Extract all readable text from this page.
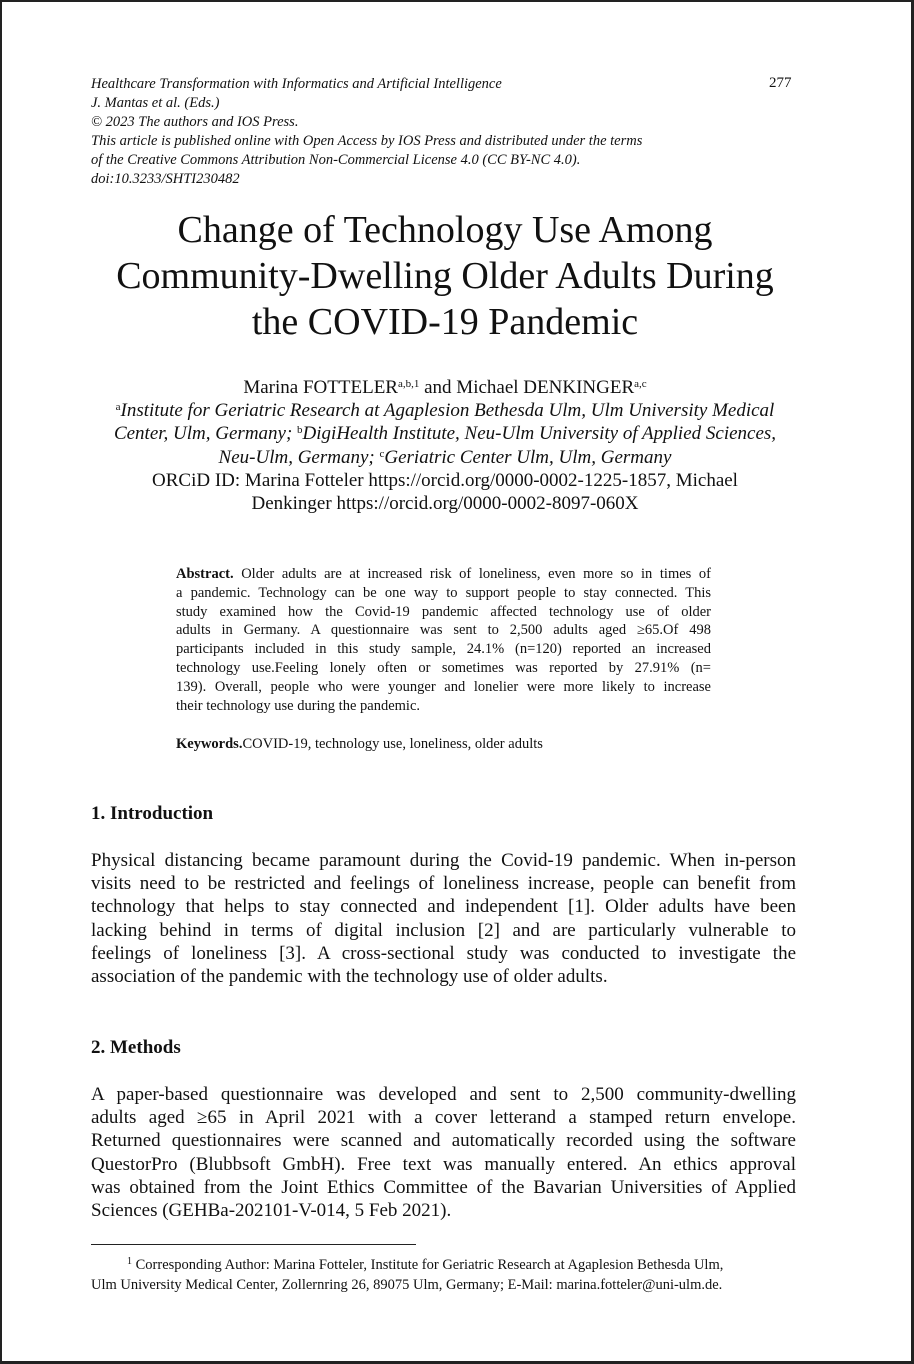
Healthcare Transformation with Informatics and Artificial Intelligence
J. Mantas et al. (Eds.)
© 2023 The authors and IOS Press.
This article is published online with Open Access by IOS Press and distributed under the terms
of the Creative Commons Attribution Non-Commercial License 4.0 (CC BY-NC 4.0).
doi:10.3233/SHTI230482
277
Change of Technology Use Among
Community-Dwelling Older Adults During
the COVID-19 Pandemic
Marina FOTTELER$^{a,b,1}$ and Michael DENKINGER$^{a,c}$
$^a$Institute for Geriatric Research at Agaplesion Bethesda Ulm, Ulm University Medical
Center, Ulm, Germany; $^b$DigiHealth Institute, Neu-Ulm University of Applied Sciences,
Neu-Ulm, Germany; $^c$Geriatric Center Ulm, Ulm, Germany
ORCiD ID: Marina Fotteler https://orcid.org/0000-0002-1225-1857, Michael
Denkinger https://orcid.org/0000-0002-8097-060X
Abstract. Older adults are at increased risk of loneliness, even more so in times of
a pandemic. Technology can be one way to support people to stay connected. This
study examined how the Covid-19 pandemic affected technology use of older
adults in Germany. A questionnaire was sent to 2,500 adults aged ≥65.Of 498
participants included in this study sample, 24.1% (n=120) reported an increased
technology use.Feeling lonely often or sometimes was reported by 27.91% (n=
139). Overall, people who were younger and lonelier were more likely to increase
their technology use during the pandemic.
Keywords.COVID-19, technology use, loneliness, older adults
1. Introduction
Physical distancing became paramount during the Covid-19 pandemic. When in-person
visits need to be restricted and feelings of loneliness increase, people can benefit from
technology that helps to stay connected and independent [1]. Older adults have been
lacking behind in terms of digital inclusion [2] and are particularly vulnerable to
feelings of loneliness [3]. A cross-sectional study was conducted to investigate the
association of the pandemic with the technology use of older adults.
2. Methods
A paper-based questionnaire was developed and sent to 2,500 community-dwelling
adults aged ≥65 in April 2021 with a cover letterand a stamped return envelope.
Returned questionnaires were scanned and automatically recorded using the software
QuestorPro (Blubbsoft GmbH). Free text was manually entered. An ethics approval
was obtained from the Joint Ethics Committee of the Bavarian Universities of Applied
Sciences (GEHBa-202101-V-014, 5 Feb 2021).
$^1$ Corresponding Author: Marina Fotteler, Institute for Geriatric Research at Agaplesion Bethesda Ulm,
Ulm University Medical Center, Zollernring 26, 89075 Ulm, Germany; E-Mail: marina.fotteler@uni-ulm.de.
